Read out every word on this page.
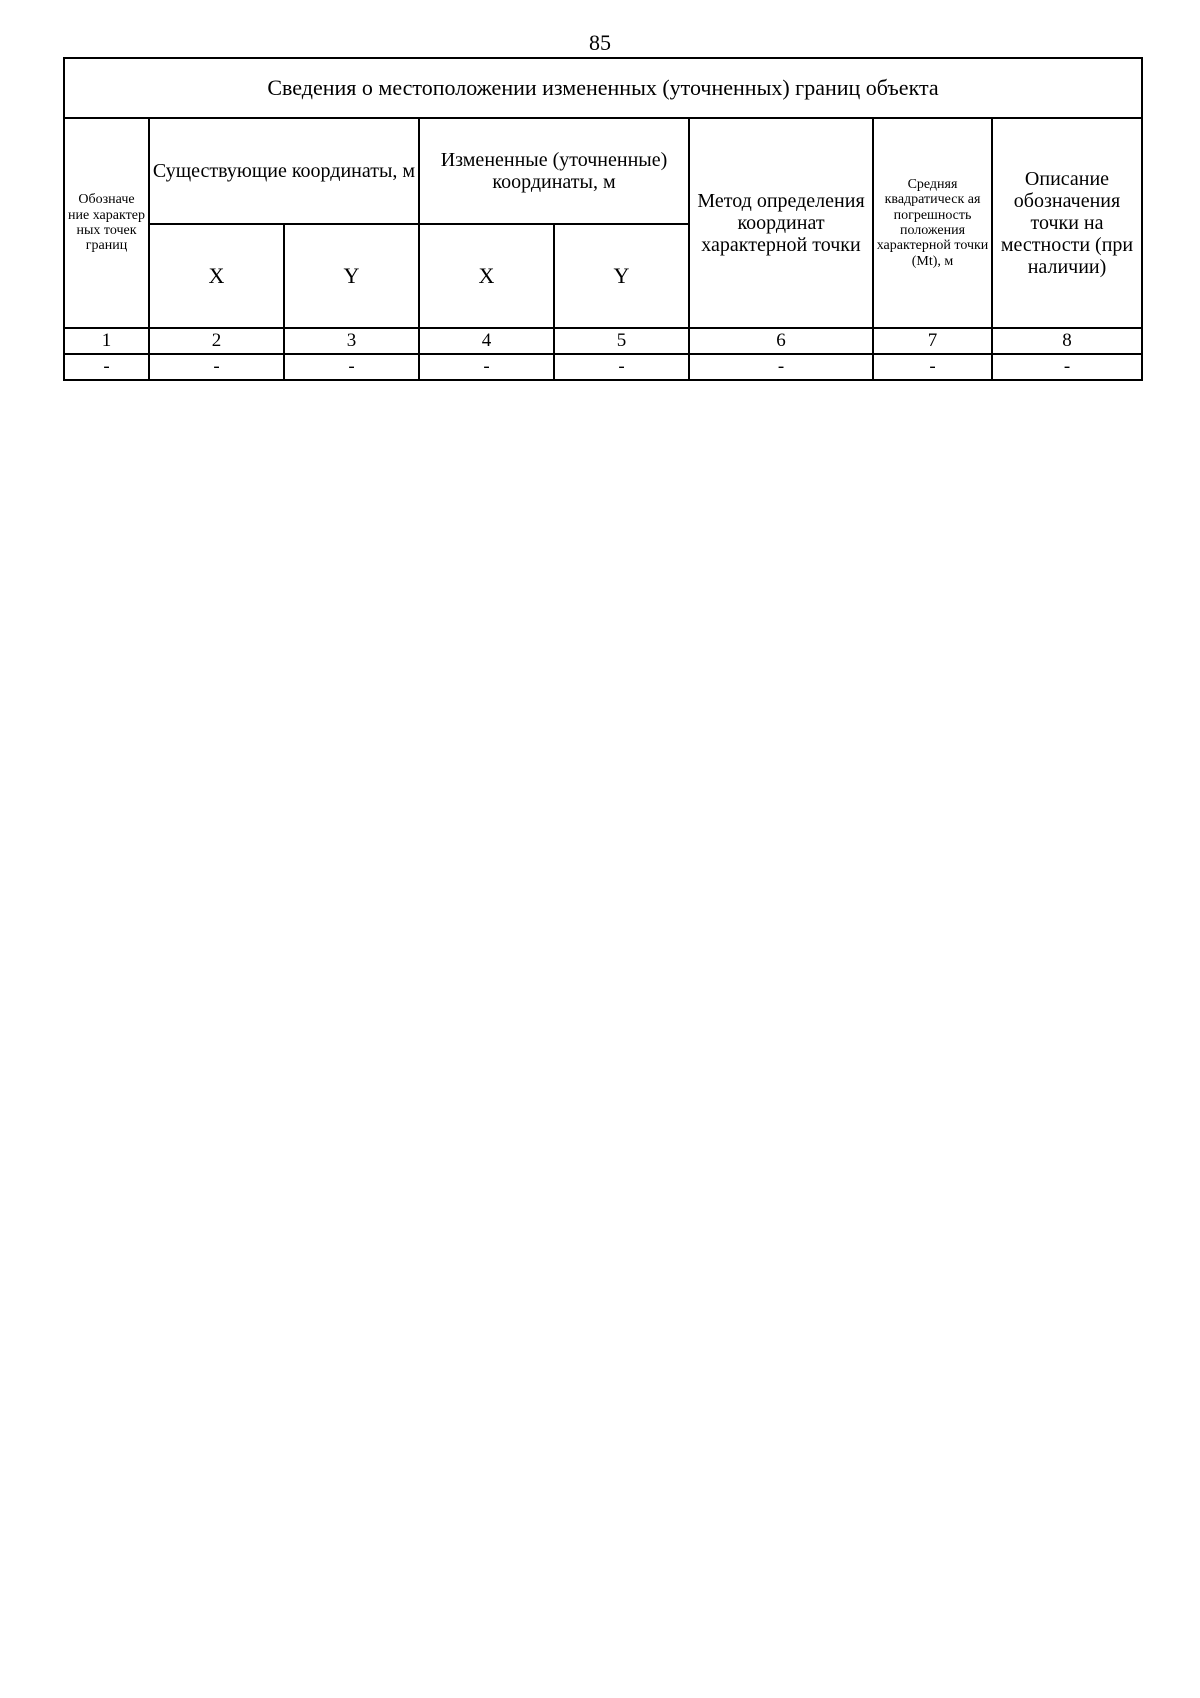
85
Сведения о местоположении измененных (уточненных) границ объекта							
Обозначе ние характер ных точек границ	Существующие координаты, м		Измененные (уточненные) координаты, м		Метод определения координат характерной точки	Средняя квадратическ ая погрешность положения характерной точки (Mt), м	Описание обозначения точки на местности (при наличии)
	X	Y	X	Y			
1	2	3	4	5	6	7	8
-	-	-	-	-	-	-	-
